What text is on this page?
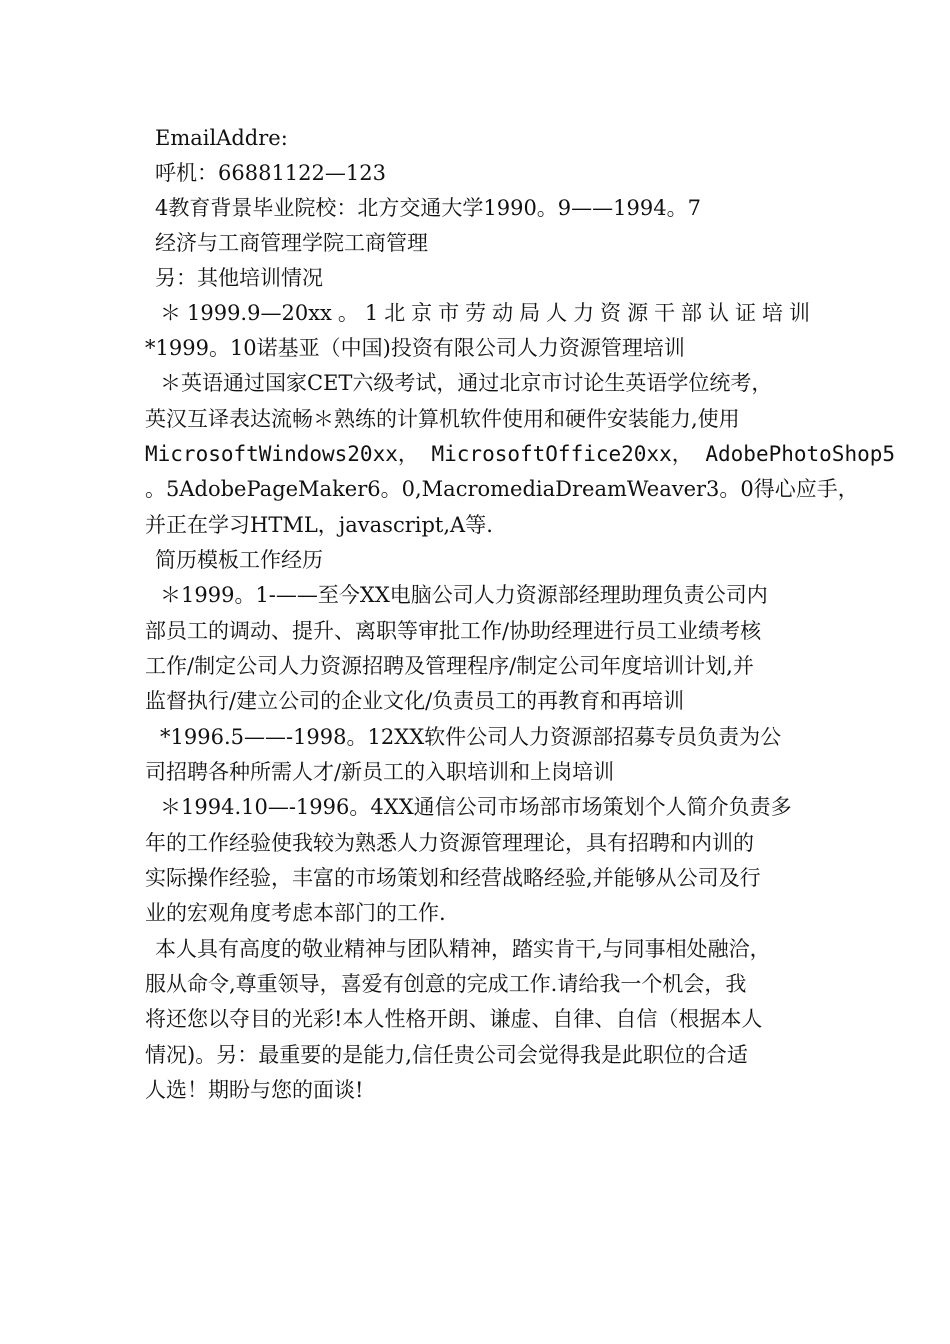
EmailAddre:
呼机：66881122—123
4教育背景毕业院校：北方交通大学1990。9——1994。7
经济与工商管理学院工商管理
另：其他培训情况
＊1999.9—20xx。1北京市劳动局人力资源干部认证培训
*1999。10诺基亚（中国)投资有限公司人力资源管理培训
＊英语通过国家CET六级考试，通过北京市讨论生英语学位统考，
英汉互译表达流畅＊熟练的计算机软件使用和硬件安装能力,使用
MicrosoftWindows20xx， MicrosoftOffice20xx， AdobePhotoShop5
。5AdobePageMaker6。0,MacromediaDreamWeaver3。0得心应手，
并正在学习HTML，javascript,A等.
简历模板工作经历
＊1999。1-——至今XX电脑公司人力资源部经理助理负责公司内
部员工的调动、提升、离职等审批工作/协助经理进行员工业绩考核
工作/制定公司人力资源招聘及管理程序/制定公司年度培训计划,并
监督执行/建立公司的企业文化/负责员工的再教育和再培训
*1996.5——-1998。12XX软件公司人力资源部招募专员负责为公
司招聘各种所需人才/新员工的入职培训和上岗培训
＊1994.10—-1996。4XX通信公司市场部市场策划个人简介负责多
年的工作经验使我较为熟悉人力资源管理理论，具有招聘和内训的
实际操作经验，丰富的市场策划和经营战略经验,并能够从公司及行
业的宏观角度考虑本部门的工作.
本人具有高度的敬业精神与团队精神，踏实肯干,与同事相处融洽，
服从命令,尊重领导，喜爱有创意的完成工作.请给我一个机会，我
将还您以夺目的光彩!本人性格开朗、谦虚、自律、自信（根据本人
情况)。另：最重要的是能力,信任贵公司会觉得我是此职位的合适
人选！期盼与您的面谈!
